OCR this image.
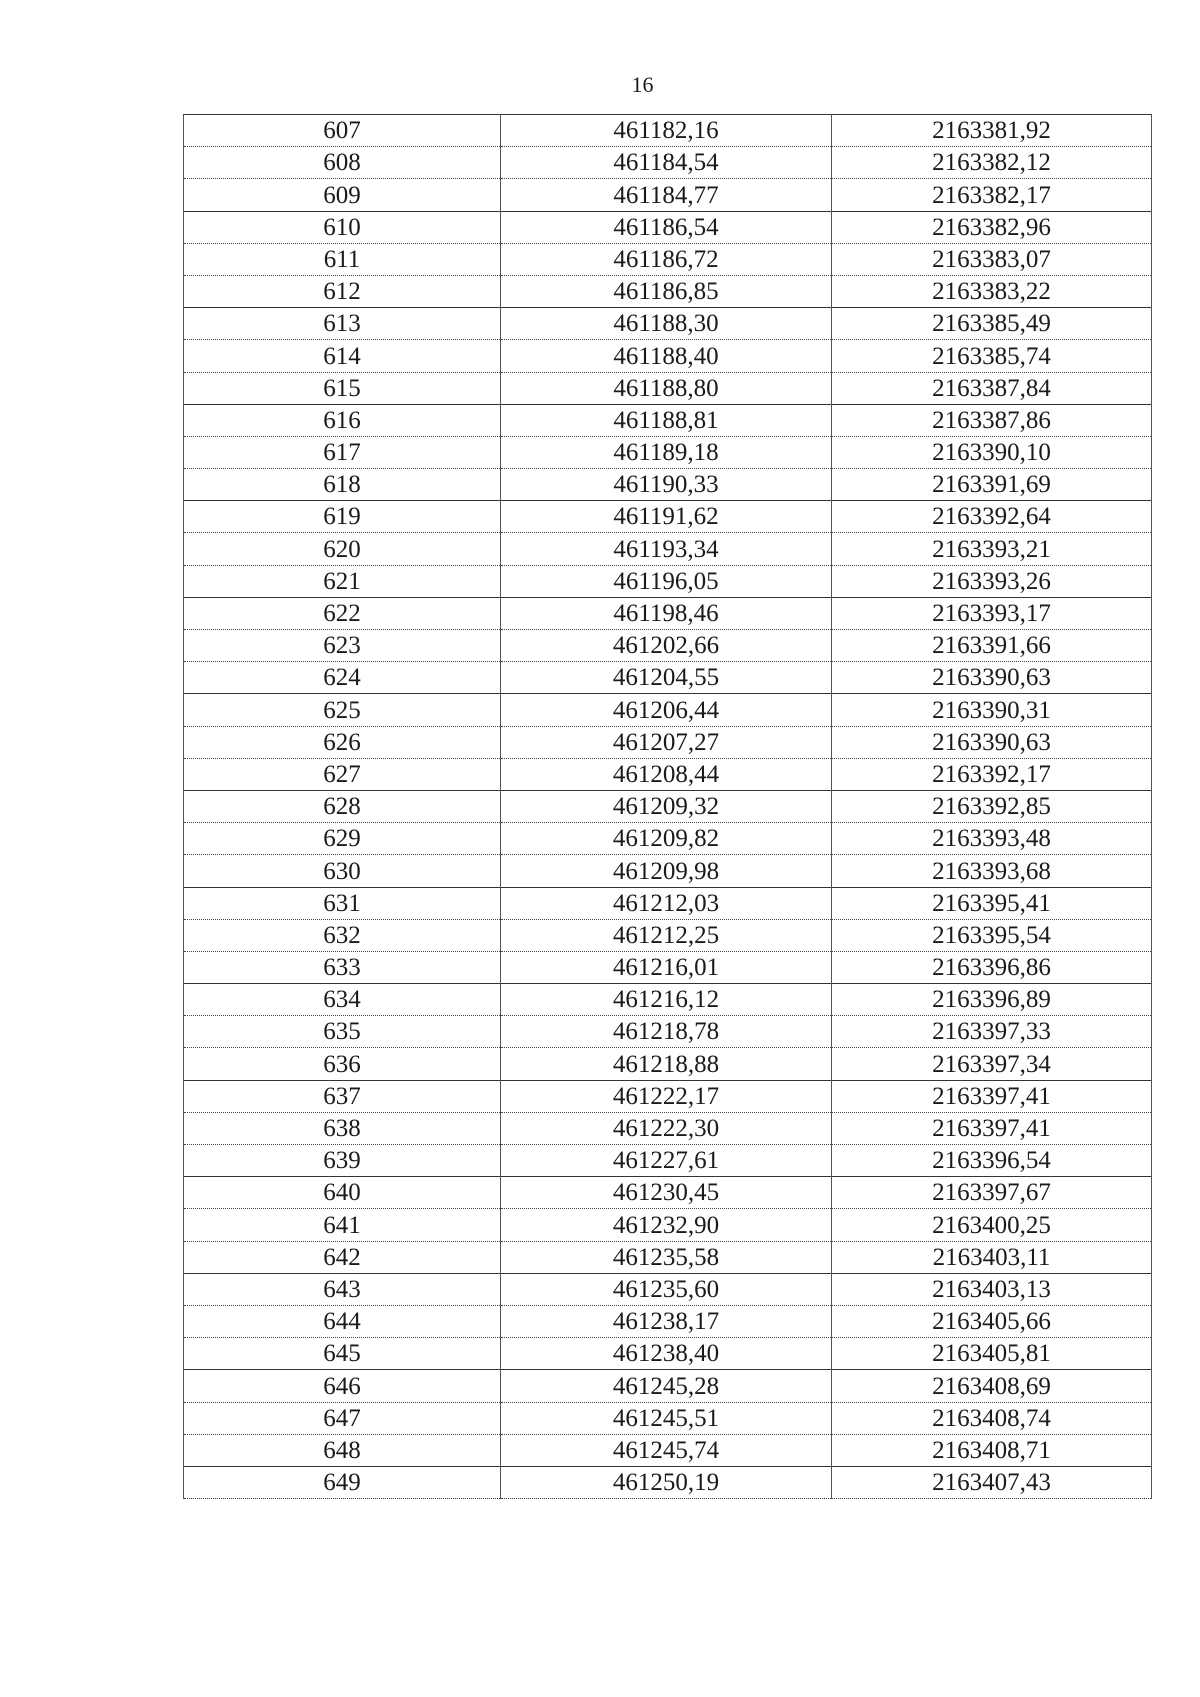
16
607	461182,16	2163381,92
608	461184,54	2163382,12
609	461184,77	2163382,17
610	461186,54	2163382,96
611	461186,72	2163383,07
612	461186,85	2163383,22
613	461188,30	2163385,49
614	461188,40	2163385,74
615	461188,80	2163387,84
616	461188,81	2163387,86
617	461189,18	2163390,10
618	461190,33	2163391,69
619	461191,62	2163392,64
620	461193,34	2163393,21
621	461196,05	2163393,26
622	461198,46	2163393,17
623	461202,66	2163391,66
624	461204,55	2163390,63
625	461206,44	2163390,31
626	461207,27	2163390,63
627	461208,44	2163392,17
628	461209,32	2163392,85
629	461209,82	2163393,48
630	461209,98	2163393,68
631	461212,03	2163395,41
632	461212,25	2163395,54
633	461216,01	2163396,86
634	461216,12	2163396,89
635	461218,78	2163397,33
636	461218,88	2163397,34
637	461222,17	2163397,41
638	461222,30	2163397,41
639	461227,61	2163396,54
640	461230,45	2163397,67
641	461232,90	2163400,25
642	461235,58	2163403,11
643	461235,60	2163403,13
644	461238,17	2163405,66
645	461238,40	2163405,81
646	461245,28	2163408,69
647	461245,51	2163408,74
648	461245,74	2163408,71
649	461250,19	2163407,43
